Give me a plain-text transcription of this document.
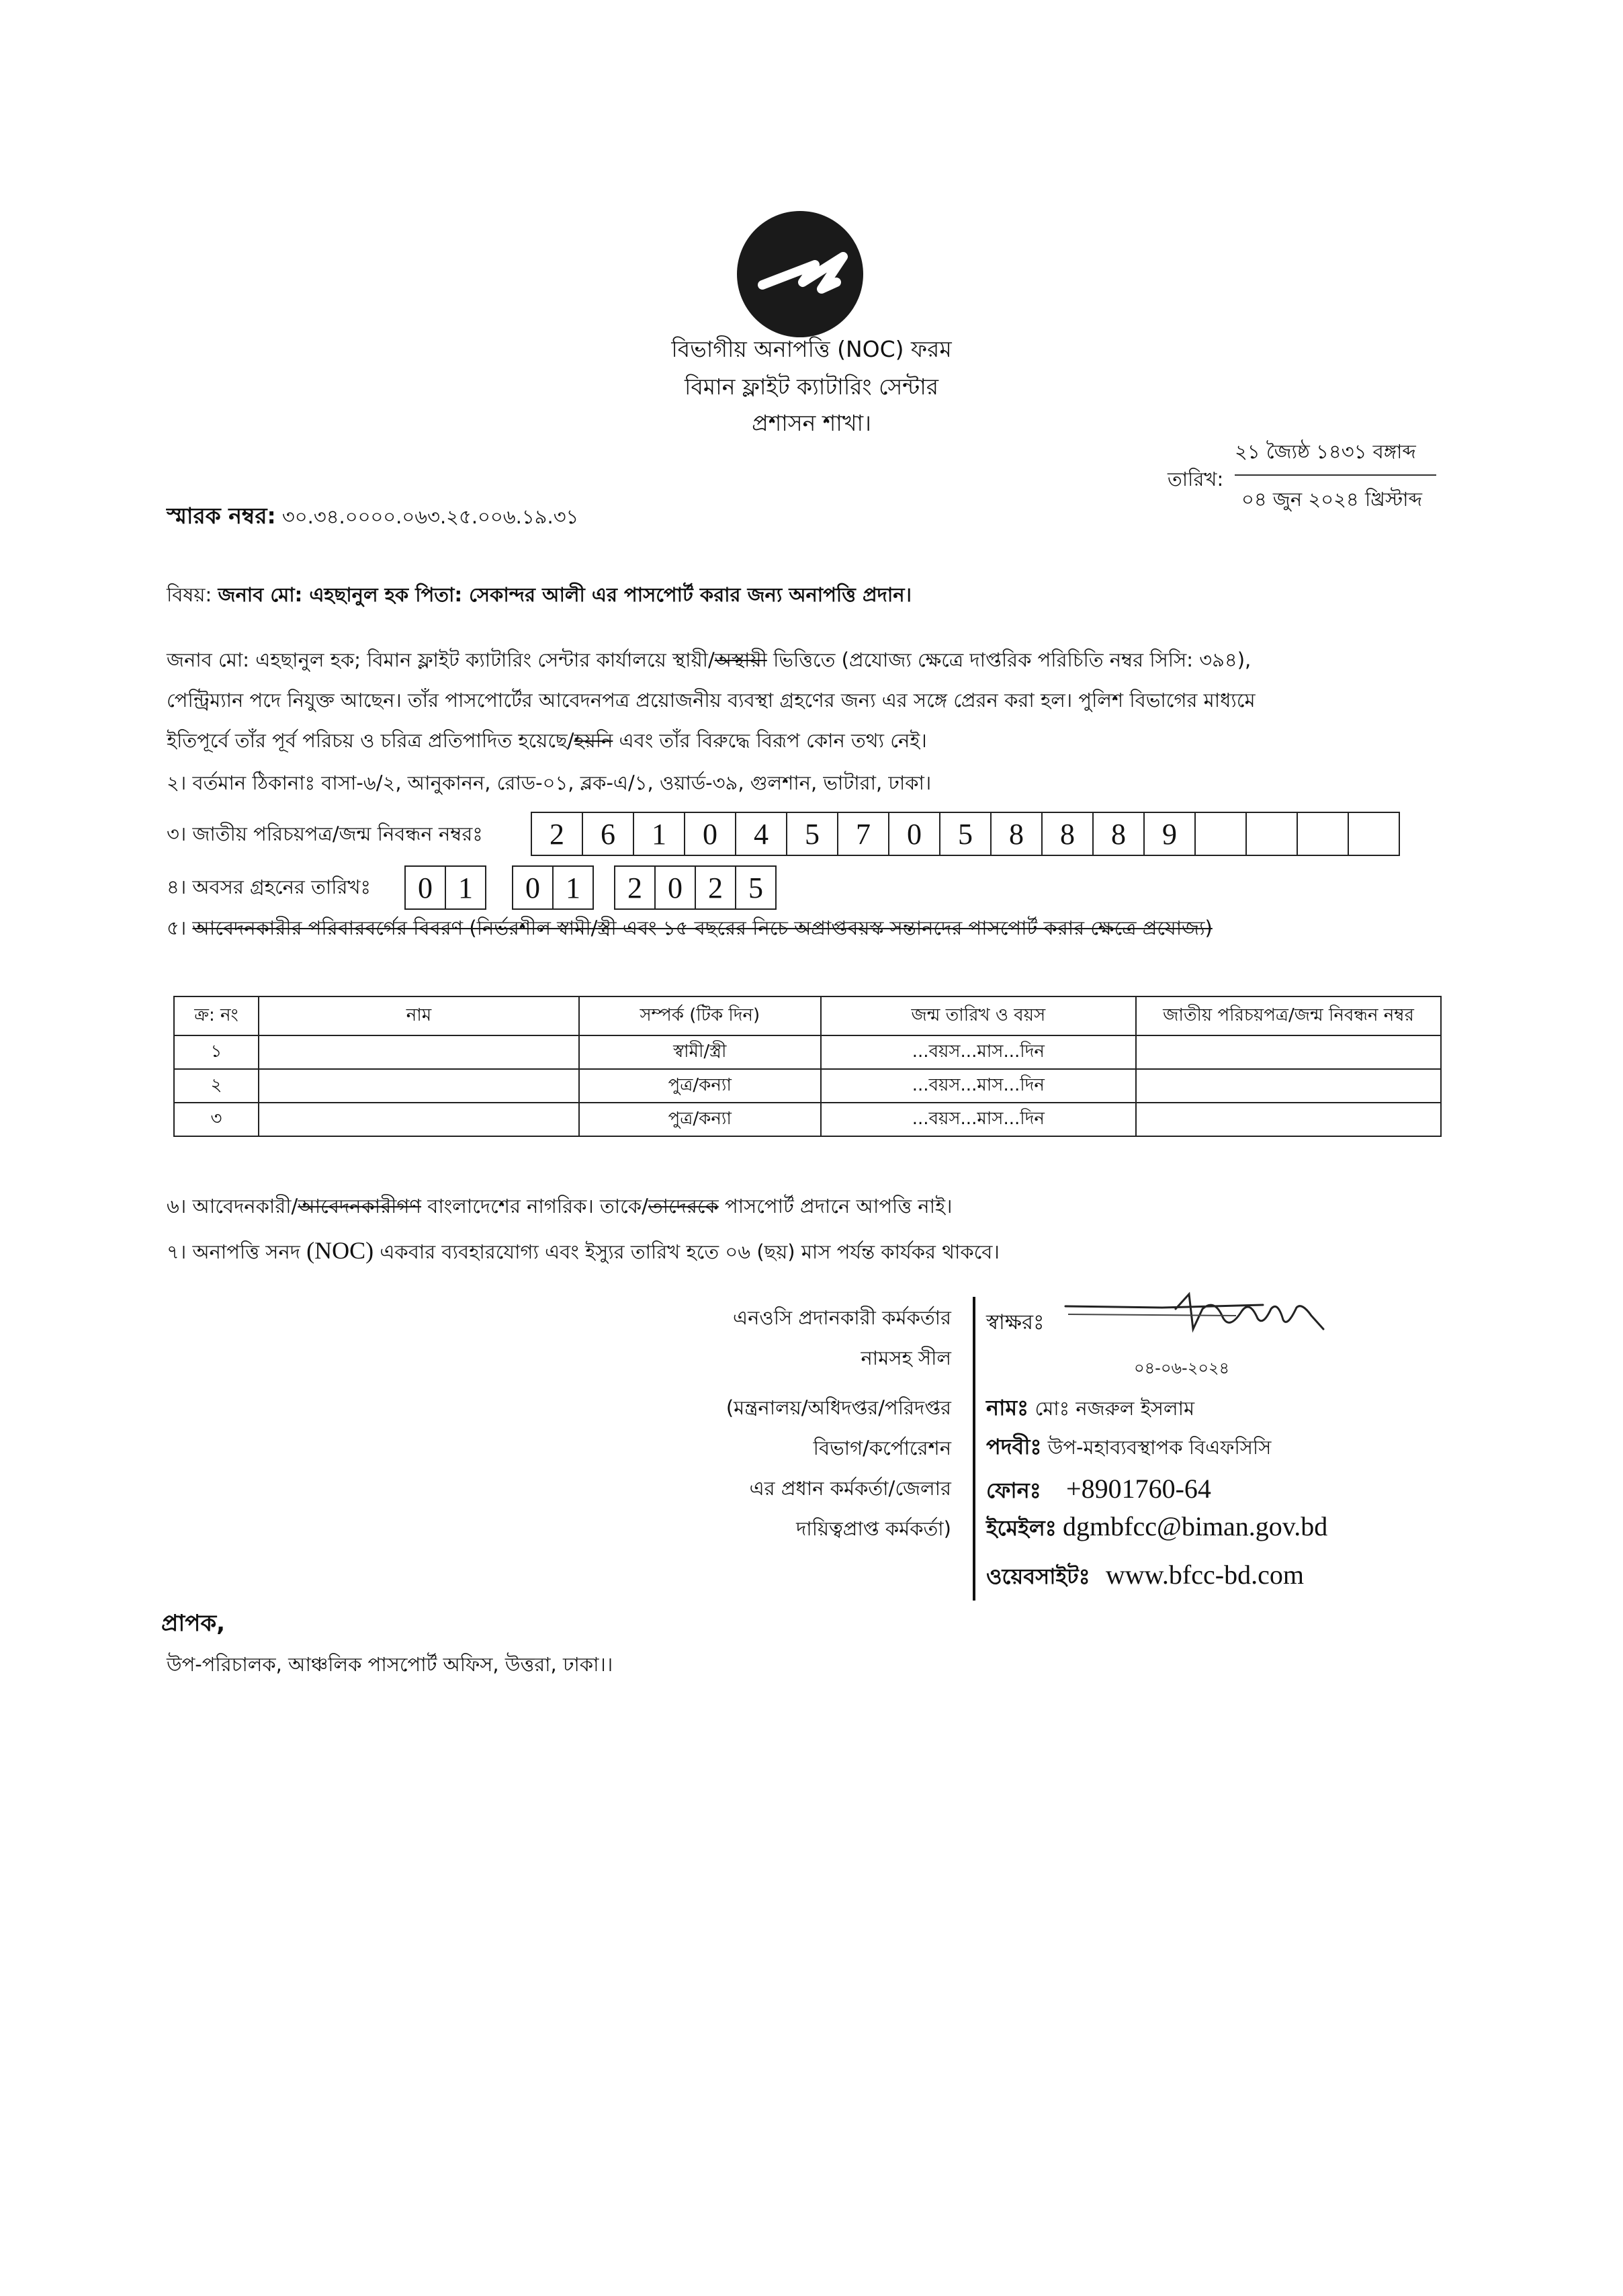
বিভাগীয় অনাপত্তি (NOC) ফরম
বিমান ফ্লাইট ক্যাটারিং সেন্টার
প্রশাসন শাখা।
২১ জ্যৈষ্ঠ ১৪৩১ বঙ্গাব্দ
তারিখ:
০৪ জুন ২০২৪ খ্রিস্টাব্দ
স্মারক নম্বর: ৩০.৩৪.০০০০.০৬৩.২৫.০০৬.১৯.৩১
বিষয়: জনাব মো: এহছানুল হক পিতা: সেকান্দর আলী এর পাসপোর্ট করার জন্য অনাপত্তি প্রদান।
জনাব মো: এহছানুল হক; বিমান ফ্লাইট ক্যাটারিং সেন্টার কার্যালয়ে স্থায়ী/অস্থায়ী ভিত্তিতে (প্রযোজ্য ক্ষেত্রে দাপ্তরিক পরিচিতি নম্বর সিসি: ৩৯৪),
পেন্ট্রিম্যান পদে নিযুক্ত আছেন। তাঁর পাসপোর্টের আবেদনপত্র প্রয়োজনীয় ব্যবস্থা গ্রহণের জন্য এর সঙ্গে প্রেরন করা হল। পুলিশ বিভাগের মাধ্যমে
ইতিপূর্বে তাঁর পূর্ব পরিচয় ও চরিত্র প্রতিপাদিত হয়েছে/হয়নি এবং তাঁর বিরুদ্ধে বিরূপ কোন তথ্য নেই।
২। বর্তমান ঠিকানাঃ বাসা-৬/২, আনুকানন, রোড-০১, ব্লক-এ/১, ওয়ার্ড-৩৯, গুলশান, ভাটারা, ঢাকা।
৩। জাতীয় পরিচয়পত্র/জন্ম নিবন্ধন নম্বরঃ	2	6	1	0	4	5	7	0	5	8	8	8	9
৪। অবসর গ্রহনের তারিখঃ	0 1	0 1	2 0 2 5
৫। আবেদনকারীর পরিবারবর্গের বিবরণ (নির্ভরশীল স্বামী/স্ত্রী এবং ১৫ বছরের নিচে অপ্রাপ্তবয়স্ক সন্তানদের পাসপোর্ট করার ক্ষেত্রে প্রযোজ্য)
ক্র: নং	নাম	সম্পর্ক (টিক দিন)	জন্ম তারিখ ও বয়স	জাতীয় পরিচয়পত্র/জন্ম নিবন্ধন নম্বর
১		স্বামী/স্ত্রী	...বয়স...মাস...দিন	
২		পুত্র/কন্যা	...বয়স...মাস...দিন	
৩		পুত্র/কন্যা	...বয়স...মাস...দিন	
৬। আবেদনকারী/আবেদনকারীগণ বাংলাদেশের নাগরিক। তাকে/তাদেরকে পাসপোর্ট প্রদানে আপত্তি নাই।
৭। অনাপত্তি সনদ (NOC) একবার ব্যবহারযোগ্য এবং ইস্যুর তারিখ হতে ০৬ (ছয়) মাস পর্যন্ত কার্যকর থাকবে।
এনওসি প্রদানকারী কর্মকর্তার
নামসহ সীল
(মন্ত্রনালয়/অধিদপ্তর/পরিদপ্তর
বিভাগ/কর্পোরেশন
এর প্রধান কর্মকর্তা/জেলার
দায়িত্বপ্রাপ্ত কর্মকর্তা)
স্বাক্ষরঃ
০৪-০৬-২০২৪
নামঃ মোঃ নজরুল ইসলাম
পদবীঃ উপ-মহাব্যবস্থাপক বিএফসিসি
ফোনঃ +8901760-64
ইমেইলঃ dgmbfcc@biman.gov.bd
ওয়েবসাইটঃ www.bfcc-bd.com
প্রাপক,
উপ-পরিচালক, আঞ্চলিক পাসপোর্ট অফিস, উত্তরা, ঢাকা।।
